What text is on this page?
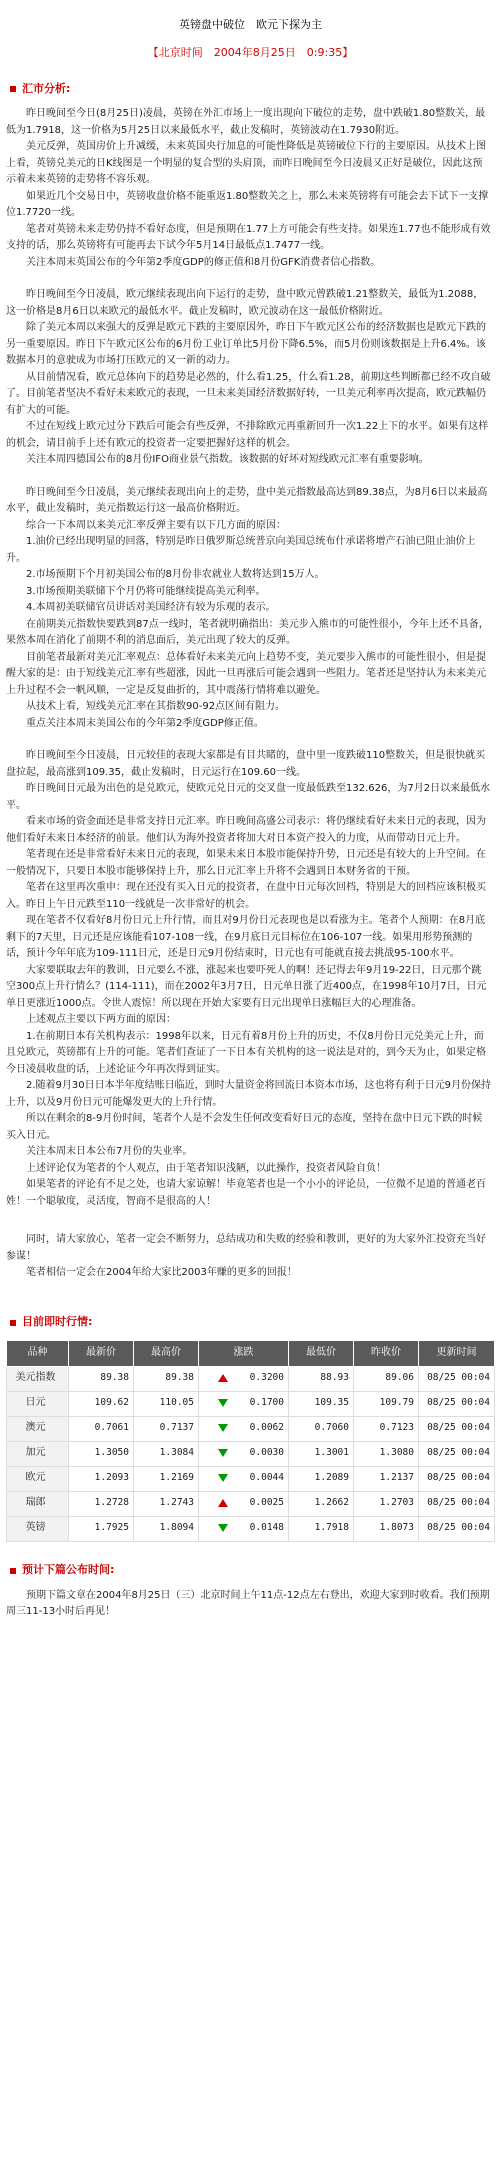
英镑盘中破位　欧元下探为主
【北京时间　2004年8月25日　0:9:35】
汇市分析:

昨日晚间至今日(8月25日)凌晨，英镑在外汇市场上一度出现向下破位的走势，盘中跌破1.80整数关，最低为1.7918，这一价格为5月25日以来最低水平，截止发稿时，英镑波动在1.7930附近。

美元反弹，英国房价上升减缓，未来英国央行加息的可能性降低是英镑破位下行的主要原因。从技术上图上看，英镑兑美元的日K线图是一个明显的复合型的头肩顶，而昨日晚间至今日凌晨又正好是破位，因此这预示着未来英镑的走势将不容乐观。

如果近几个交易日中，英镑收盘价格不能重返1.80整数关之上，那么未来英镑将有可能会去下试下一支撑位1.7720一线。

笔者对英镑未来走势仍持不看好态度，但是预期在1.77上方可能会有些支持。如果连1.77也不能形成有效支持的话，那么英镑将有可能再去下试今年5月14日最低点1.7477一线。

关注本周末英国公布的今年第2季度GDP的修正值和8月份GFK消费者信心指数。

昨日晚间至今日凌晨，欧元继续表现出向下运行的走势，盘中欧元曾跌破1.21整数关，最低为1.2088，这一价格是8月6日以来欧元的最低水平。截止发稿时，欧元波动在这一最低价格附近。

除了美元本周以来强大的反弹是欧元下跌的主要原因外，昨日下午欧元区公布的经济数据也是欧元下跌的另一重要原因。昨日下午欧元区公布的6月份工业订单比5月份下降6.5%，而5月份则该数据是上升6.4%。该数据本月的意驶成为市场打压欧元的又一新的动力。

从目前情况看，欧元总体向下的趋势是必然的，什么看1.25，什么看1.28，前期这些判断都已经不攻自破了。目前笔者坚决不看好未来欧元的表现，一旦未来美国经济数据好转，一旦美元利率再次提高，欧元跌幅仍有扩大的可能。

不过在短线上欧元过分下跌后可能会有些反弹，不排除欧元再重新回升一次1.22上下的水平。如果有这样的机会，请目前手上还有欧元的投资者一定要把握好这样的机会。

关注本周四德国公布的8月份IFO商业景气指数。该数据的好坏对短线欧元汇率有重要影响。

昨日晚间至今日凌晨，美元继续表现出向上的走势，盘中美元指数最高达到89.38点，为8月6日以来最高水平，截止发稿时，美元指数运行这一最高价格附近。

综合一下本周以来美元汇率反弹主要有以下几方面的原因：

1.油价已经出现明显的回落，特别是昨日俄罗斯总统普京向美国总统布什承诺将增产石油已阻止油价上升。

2.市场预期下个月初美国公布的8月份非农就业人数将达到15万人。

3.市场预期美联储下个月仍将可能继续提高美元利率。

4.本周初美联储官员讲话对美国经济有较为乐观的表示。

在前期美元指数快要跌到87点一线时，笔者就明确指出：美元步入熊市的可能性很小，今年上还不具备，果然本周在消化了前期不利的消息面后，美元出现了较大的反弹。

目前笔者最新对美元汇率观点：总体看好未来美元向上趋势不变，美元要步入熊市的可能性很小，但是提醒大家的是：由于短线美元汇率有些超涨，因此一旦再涨后可能会遇到一些阻力。笔者还是坚持认为未来美元上升过程不会一帆风顺，一定是反复曲折的，其中震荡行情将难以避免。

从技术上看，短线美元汇率在其指数90-92点区间有阻力。

重点关注本周末美国公布的今年第2季度GDP修正值。

昨日晚间至今日凌晨，日元较佳的表现大家都是有目共睹的，盘中里一度跌破110整数关，但是很快就买盘拉起，最高涨到109.35，截止发稿时，日元运行在109.60一线。

昨日晚间日元最为出色的是兑欧元，使欧元兑日元的交叉盘一度最低跌至132.626，为7月2日以来最低水平。

看来市场的资金面还是非常支持日元汇率。昨日晚间高盛公司表示：将仍继续看好未来日元的表现，因为他们看好未来日本经济的前景。他们认为海外投资者将加大对日本资产投入的力度，从而带动日元上升。

笔者现在还是非常看好未来日元的表现，如果未来日本股市能保持升势，日元还是有较大的上升空间。在一般情况下，只要日本股市能够保持上升，那么日元汇率上升将不会遇到日本财务省的干预。

笔者在这里再次重申：现在还没有买入日元的投资者，在盘中日元每次回档，特别是大的回档应该积极买入。昨日上午日元跌至110一线就是一次非常好的机会。

现在笔者不仅看好8月份日元上升行情，而且对9月份日元表现也是以看涨为主。笔者个人预期：在8月底剩下的7天里，日元还是应该能看107-108一线，在9月底日元目标位在106-107一线。如果用形势预测的话，预计今年年底为109-111日元，还是日元9月份结束时，日元也有可能就直接去挑战95-100水平。

大家要联取去年的教训，日元要么不涨，涨起来也要吓死人的啊！还记得去年9月19-22日，日元那个跳空300点上升行情么？(114-111)，而在2002年3月7日，日元单日涨了近400点，在1998年10月7日，日元单日更涨近1000点。令世人震惊！所以现在开始大家要有日元出现单日涨幅巨大的心理准备。

上述观点主要以下两方面的原因：

1.在前期日本有关机构表示：1998年以来，日元有着8月份上升的历史，不仅8月份日元兑美元上升，而且兑欧元，英镑都有上升的可能。笔者们查证了一下日本有关机构的这一说法是对的，到今天为止，如果定格今日凌晨收盘的话，上述论证今年再次得到证实。

2.随着9月30日日本半年度结账日临近，到时大量资金将回流日本资本市场，这也将有利于日元9月份保持上升，以及9月份日元可能爆发更大的上升行情。

所以在剩余的8-9月份时间，笔者个人是不会发生任何改变看好日元的态度，坚持在盘中日元下跌的时候买入日元。

关注本周末日本公布7月份的失业率。

上述评论仅为笔者的个人观点，由于笔者知识浅陋，以此操作，投资者风险自负！

如果笔者的评论有不足之处，也请大家谅解！毕竟笔者也是一个小小的评论员，一位微不足道的普通老百姓！一个聪敏度，灵活度，智商不是很高的人！

同时，请大家放心，笔者一定会不断努力，总结成功和失败的经验和教训，更好的为大家外汇投资充当好参谋！

笔者相信一定会在2004年给大家比2003年赚的更多的回报！

目前即时行情:
品种	最新价	最高价	涨跌	最低价	昨收价	更新时间
美元指数	89.38	89.38	0.3200	88.93	89.06	08/25 00:04
日元	109.62	110.05	0.1700	109.35	109.79	08/25 00:04
澳元	0.7061	0.7137	0.0062	0.7060	0.7123	08/25 00:04
加元	1.3050	1.3084	0.0030	1.3001	1.3080	08/25 00:04
欧元	1.2093	1.2169	0.0044	1.2089	1.2137	08/25 00:04
瑞郎	1.2728	1.2743	0.0025	1.2662	1.2703	08/25 00:04
英镑	1.7925	1.8094	0.0148	1.7918	1.8073	08/25 00:04
预计下篇公布时间:

预期下篇文章在2004年8月25日（三）北京时间上午11点-12点左右登出，欢迎大家到时收看。我们预期周三11-13小时后再见！
